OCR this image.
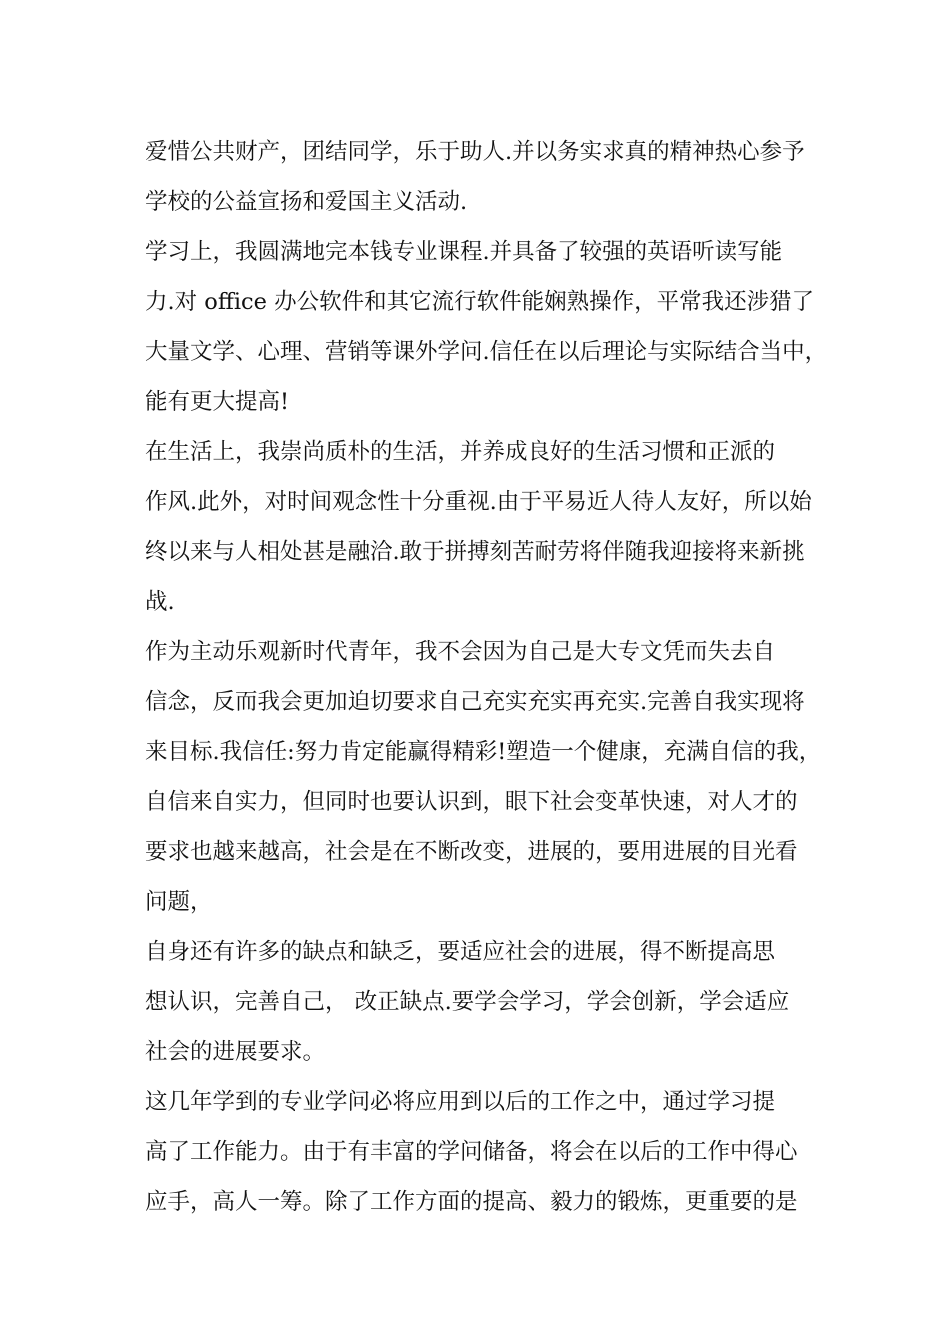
爱惜公共财产，团结同学，乐于助人.并以务实求真的精神热心参予
学校的公益宣扬和爱国主义活动.
学习上，我圆满地完本钱专业课程.并具备了较强的英语听读写能
力.对 office 办公软件和其它流行软件能娴熟操作，平常我还涉猎了
大量文学、心理、营销等课外学问.信任在以后理论与实际结合当中，
能有更大提高!
在生活上，我崇尚质朴的生活，并养成良好的生活习惯和正派的
作风.此外，对时间观念性十分重视.由于平易近人待人友好，所以始
终以来与人相处甚是融洽.敢于拼搏刻苦耐劳将伴随我迎接将来新挑
战.
作为主动乐观新时代青年，我不会因为自己是大专文凭而失去自
信念，反而我会更加迫切要求自己充实充实再充实.完善自我实现将
来目标.我信任:努力肯定能赢得精彩!塑造一个健康，充满自信的我，
自信来自实力，但同时也要认识到，眼下社会变革快速，对人才的
要求也越来越高，社会是在不断改变，进展的，要用进展的目光看
问题，
自身还有许多的缺点和缺乏，要适应社会的进展，得不断提高思
想认识，完善自己， 改正缺点.要学会学习，学会创新，学会适应
社会的进展要求。
这几年学到的专业学问必将应用到以后的工作之中，通过学习提
高了工作能力。由于有丰富的学问储备，将会在以后的工作中得心
应手，高人一筹。除了工作方面的提高、毅力的锻炼，更重要的是
